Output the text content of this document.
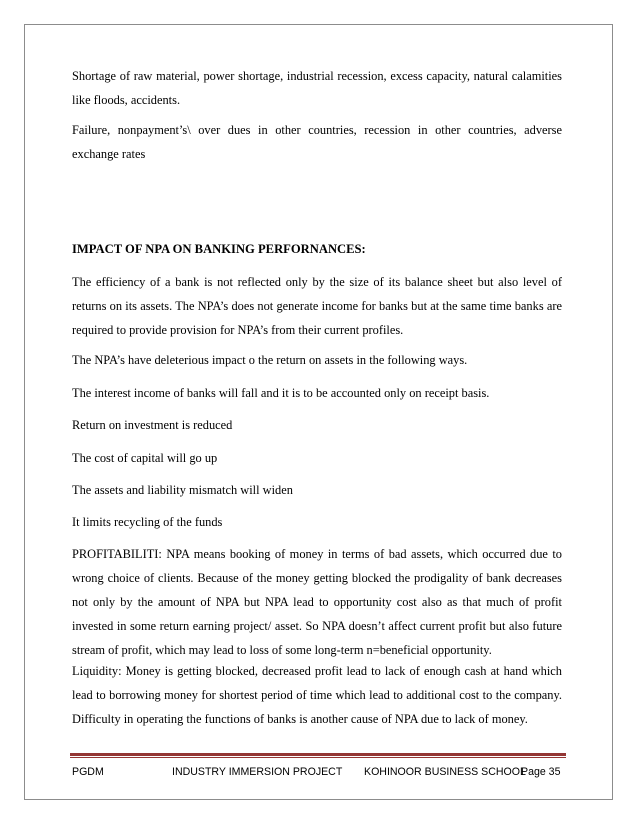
Shortage of raw material, power shortage, industrial recession, excess capacity, natural calamities like floods, accidents.

Failure, nonpayment’s\ over dues in other countries, recession in other countries, adverse exchange rates

IMPACT OF NPA ON BANKING PERFORNANCES:

The efficiency of a bank is not reflected only by the size of its balance sheet but also level of returns on its assets. The NPA’s does not generate income for banks but at the same time banks are required to provide provision for NPA’s from their current profiles.

The NPA’s have deleterious impact o the return on assets in the following ways.

The interest income of banks will fall and it is to be accounted only on receipt basis.

Return on investment is reduced

The cost of capital will go up

The assets and liability mismatch will widen

It limits recycling of the funds

PROFITABILITI: NPA means booking of money in terms of bad assets, which occurred due to wrong choice of clients. Because of the money getting blocked the prodigality of bank decreases not only by the amount of NPA but NPA lead to opportunity cost also as that much of profit invested in some return earning project/ asset. So NPA doesn’t affect current profit but also future stream of profit, which may lead to loss of some long-term n=beneficial opportunity.

Liquidity: Money is getting blocked, decreased profit lead to lack of enough cash at hand which lead to borrowing money for shortest period of time which lead to additional cost to the company. Difficulty in operating the functions of banks is another cause of NPA due to lack of money.

PGDM	INDUSTRY IMMERSION PROJECT KOHINOOR BUSINESS SCHOOL
Page 35
